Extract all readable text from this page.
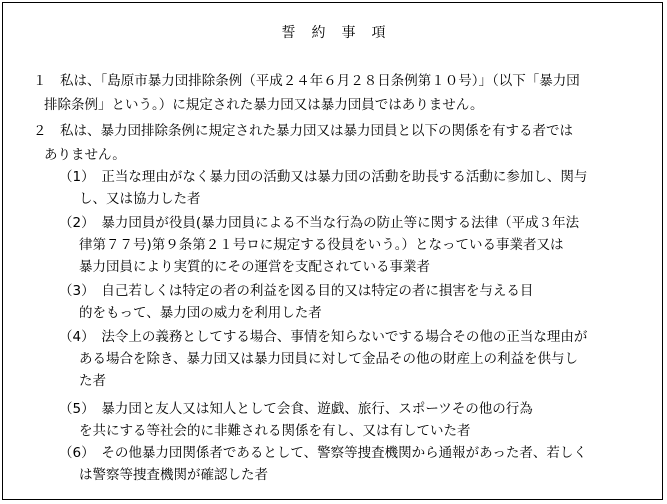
誓約事項
１　私は、「島原市暴力団排除条例（平成２４年６月２８日条例第１０号）」（以下「暴力団
排除条例」という。）に規定された暴力団又は暴力団員ではありません。
２　私は、暴力団排除条例に規定された暴力団又は暴力団員と以下の関係を有する者では
ありません。
（1）　正当な理由がなく暴力団の活動又は暴力団の活動を助長する活動に参加し、関与
し、又は協力した者
（2）　暴力団員が役員(暴力団員による不当な行為の防止等に関する法律（平成３年法
律第７７号)第９条第２１号ロに規定する役員をいう。）となっている事業者又は
暴力団員により実質的にその運営を支配されている事業者
（3）　自己若しくは特定の者の利益を図る目的又は特定の者に損害を与える目
的をもって、暴力団の威力を利用した者
（4）　法令上の義務としてする場合、事情を知らないでする場合その他の正当な理由が
ある場合を除き、暴力団又は暴力団員に対して金品その他の財産上の利益を供与し
た者
（5）　暴力団と友人又は知人として会食、遊戯、旅行、スポーツその他の行為
を共にする等社会的に非難される関係を有し、又は有していた者
（6）　その他暴力団関係者であるとして、警察等捜査機関から通報があった者、若しく
は警察等捜査機関が確認した者
